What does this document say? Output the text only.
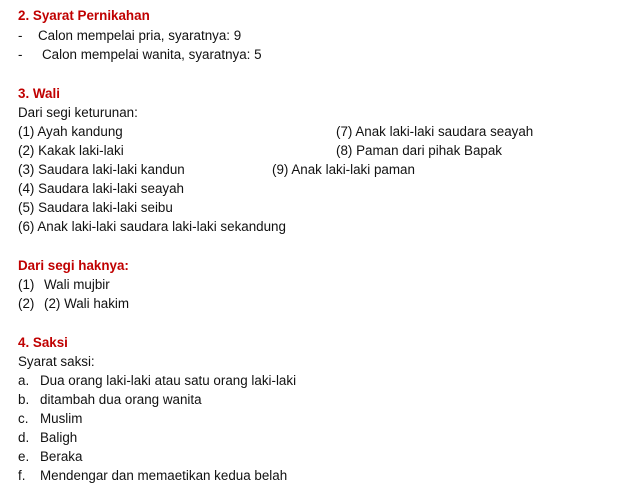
2. Syarat Pernikahan
- Calon mempelai pria, syaratnya: 9
- Calon mempelai wanita, syaratnya: 5
3. Wali
Dari segi keturunan:
(1) Ayah kandung	(7) Anak laki-laki saudara seayah
(2) Kakak laki-laki	(8) Paman dari pihak Bapak
(3) Saudara laki-laki kandun	(9) Anak laki-laki paman
(4) Saudara laki-laki seayah
(5) Saudara laki-laki seibu
(6) Anak laki-laki saudara laki-laki sekandung
Dari segi haknya:
(1) Wali mujbir
(2) (2) Wali hakim
4. Saksi
Syarat saksi:
a. Dua orang laki-laki atau satu orang laki-laki
b. ditambah dua orang wanita
c. Muslim
d. Baligh
e. Beraka
f. Mendengar dan memaetikan kedua belah
